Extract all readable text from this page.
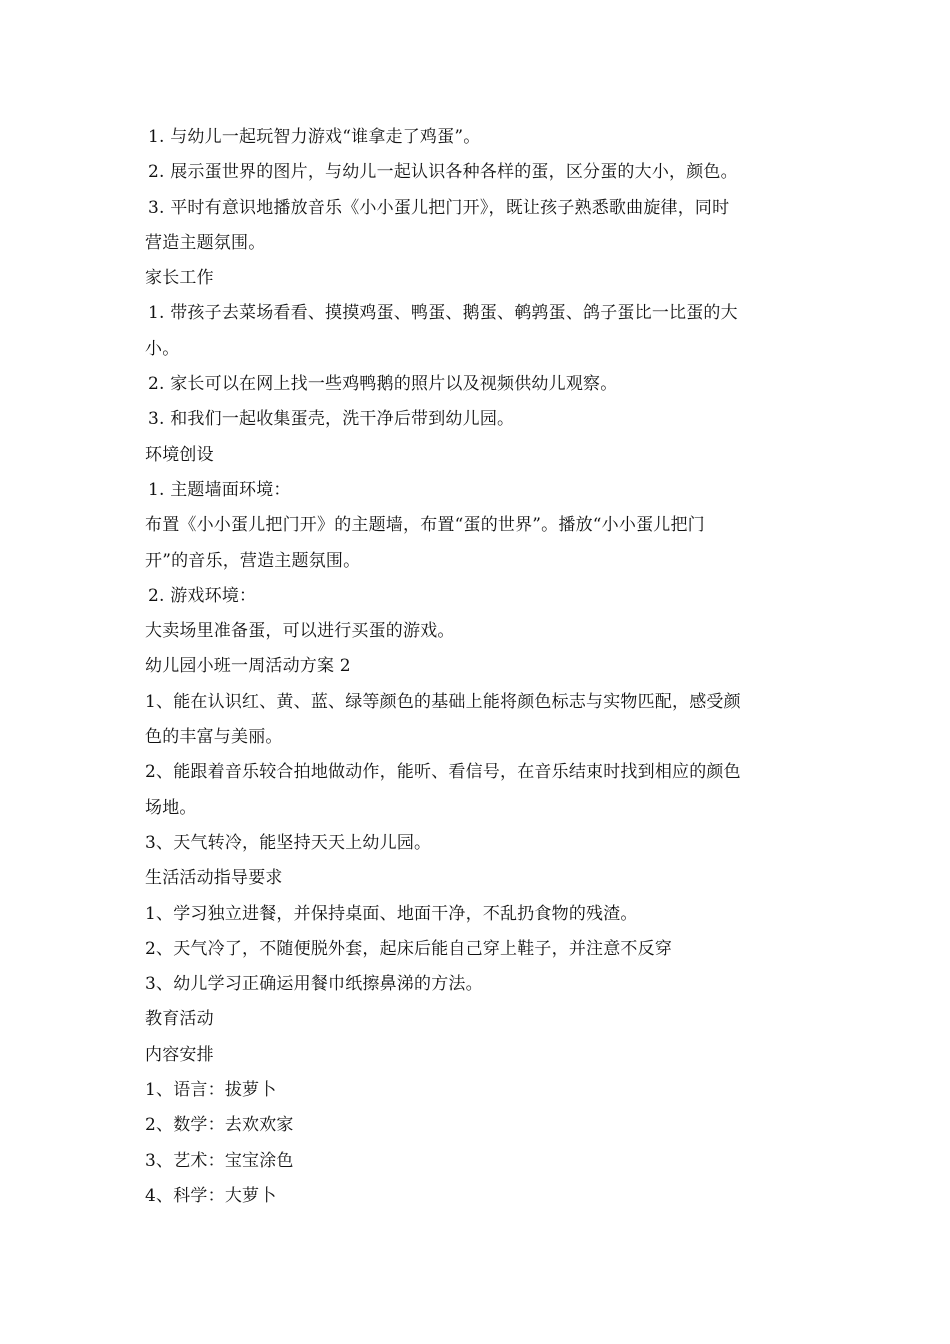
1. 与幼儿一起玩智力游戏“谁拿走了鸡蛋”。
2. 展示蛋世界的图片，与幼儿一起认识各种各样的蛋，区分蛋的大小，颜色。
3. 平时有意识地播放音乐《小小蛋儿把门开》，既让孩子熟悉歌曲旋律，同时
营造主题氛围。
家长工作
1. 带孩子去菜场看看、摸摸鸡蛋、鸭蛋、鹅蛋、鹌鹑蛋、鸽子蛋比一比蛋的大
小。
2. 家长可以在网上找一些鸡鸭鹅的照片以及视频供幼儿观察。
3. 和我们一起收集蛋壳，洗干净后带到幼儿园。
环境创设
1. 主题墙面环境：
布置《小小蛋儿把门开》的主题墙，布置“蛋的世界”。播放“小小蛋儿把门
开”的音乐，营造主题氛围。
2. 游戏环境：
大卖场里准备蛋，可以进行买蛋的游戏。
幼儿园小班一周活动方案 2
1、能在认识红、黄、蓝、绿等颜色的基础上能将颜色标志与实物匹配，感受颜
色的丰富与美丽。
2、能跟着音乐较合拍地做动作，能听、看信号，在音乐结束时找到相应的颜色
场地。
3、天气转冷，能坚持天天上幼儿园。
生活活动指导要求
1、学习独立进餐，并保持桌面、地面干净，不乱扔食物的残渣。
2、天气冷了，不随便脱外套，起床后能自己穿上鞋子，并注意不反穿
3、幼儿学习正确运用餐巾纸擦鼻涕的方法。
教育活动
内容安排
1、语言：拔萝卜
2、数学：去欢欢家
3、艺术：宝宝涂色
4、科学：大萝卜
